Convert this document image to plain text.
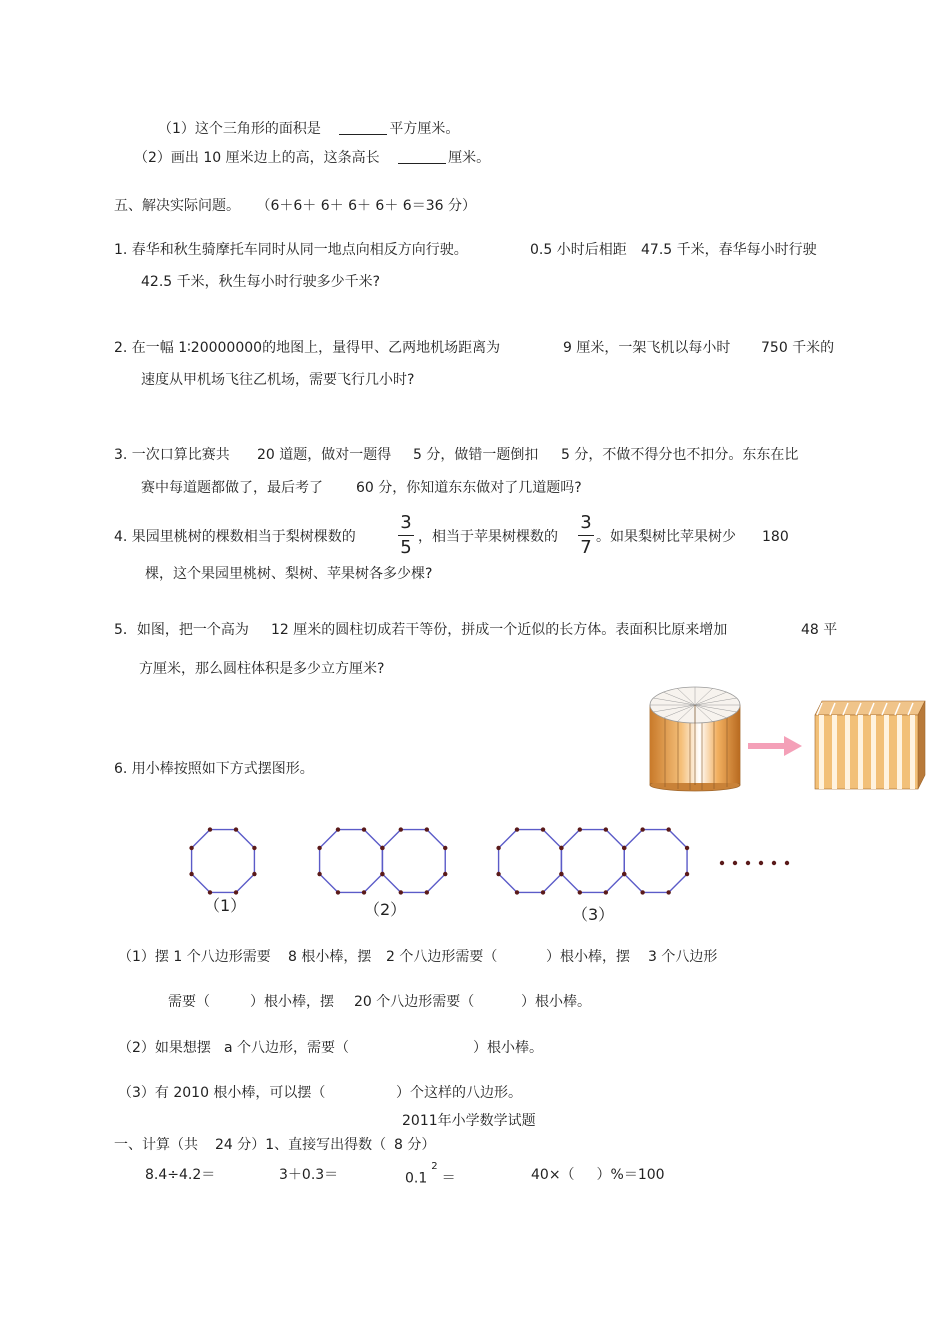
（1）这个三角形的面积是	平方厘米。
（2）画出 10 厘米边上的高，这条高长	厘米。
五、解决实际问题。 （6＋6＋ 6＋ 6＋ 6＋ 6＝36 分）
1. 春华和秋生骑摩托车同时从同一地点向相反方向行驶。	0.5 小时后相距 47.5 千米，春华每小时行驶
42.5 千米，秋生每小时行驶多少千米?
2. 在一幅 1∶20000000的地图上，量得甲、乙两地机场距离为	9 厘米，一架飞机以每小时 750 千米的
速度从甲机场飞往乙机场，需要飞行几小时?
3. 一次口算比赛共 20 道题，做对一题得 5 分，做错一题倒扣 5 分，不做不得分也不扣分。东东在比
赛中每道题都做了，最后考了 60 分，你知道东东做对了几道题吗?
4. 果园里桃树的棵数相当于梨树棵数的
3
5 ，相当于苹果树棵数的
3
7 。如果梨树比苹果树少 180
棵，这个果园里桃树、梨树、苹果树各多少棵?
5．如图，把一个高为 12 厘米的圆柱切成若干等份，拼成一个近似的长方体。表面积比原来增加	48 平
方厘米，那么圆柱体积是多少立方厘米?
6. 用小棒按照如下方式摆图形。
（1）	（2）	（3）
（1）摆 1 个八边形需要 8 根小棒，摆 2 个八边形需要（	）根小棒，摆 3 个八边形
需要（	）根小棒，摆 20 个八边形需要（	）根小棒。
（2）如果想摆 a 个八边形，需要（	）根小棒。
（3）有 2010 根小棒，可以摆（	）个这样的八边形。
2011年小学数学试题
一、计算（共 24 分）1、直接写出得数（ 8 分）
8.4÷4.2＝	3＋0.3＝	$0.1^2=$	40×（ ）%＝100
